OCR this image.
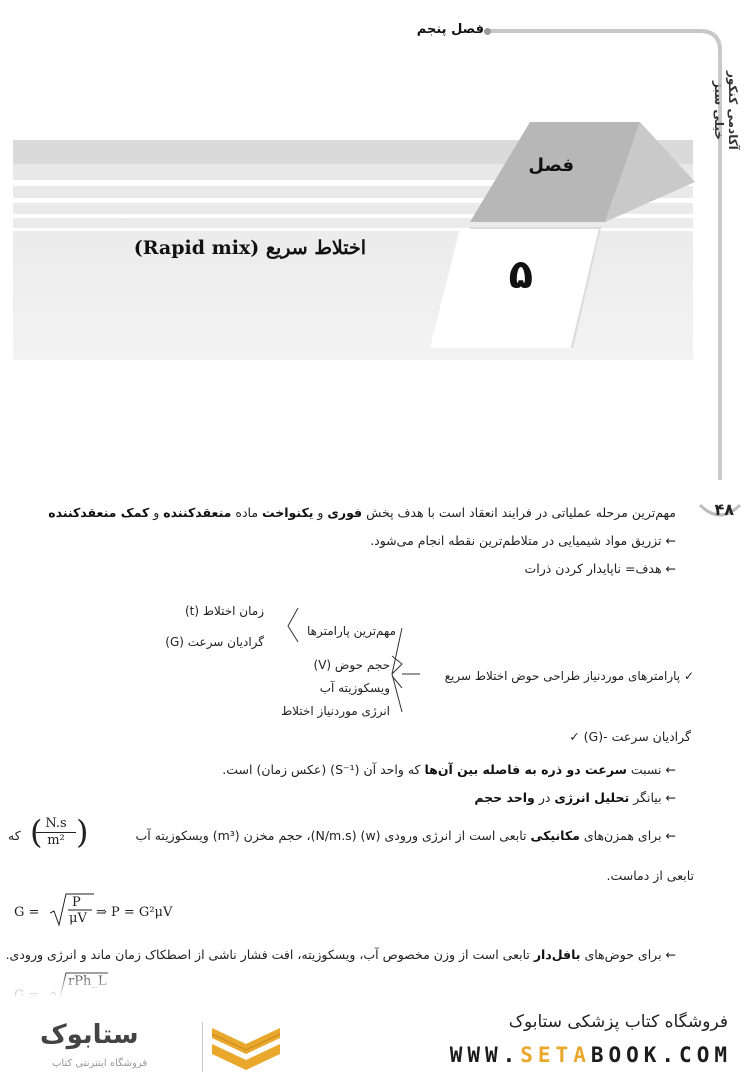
فصل پنجم
آکادمی کنکور خیلی سبز
۴۸
فصل
۵
اختلاط سریع (Rapid mix)
مهم‌ترین مرحله عملیاتی در فرایند انعقاد است با هدف پخش فوری و یکنواخت ماده منعقدکننده و کمک منعقدکننده
← تزریق مواد شیمیایی در متلاطم‌ترین نقطه انجام می‌شود.
← هدف= ناپایدار کردن ذرات
✓ پارامترهای موردنیاز طراحی حوض اختلاط سریع
مهم‌ترین پارامترها
زمان اختلاط (t)
گرادیان سرعت (G)
حجم حوض (V)
ویسکوزیته آب
انرژی موردنیاز اختلاط
✓ (G)- گرادیان سرعت
← نسبت سرعت دو ذره به فاصله بین آن‌ها که واحد آن (S⁻¹) (عکس زمان) است.
← بیانگر تحلیل انرژی در واحد حجم
← برای همزن‌های مکانیکی تابعی است از انرژی ورودی (w) (N/m.s)، حجم مخزن (m³) ویسکوزیته آب
N.s
m²
( )
که
تابعی از دماست.
G =
P
μV ⇒ P = G²μV
← برای حوض‌های بافل‌دار تابعی است از وزن مخصوص آب، ویسکوزیته، افت فشار ناشی از اصطکاک زمان ماند و انرژی ورودی.
rPh_L
ستابوک
فروشگاه اینترنتی کتاب
فروشگاه کتاب پزشکی ستابوک
WWW.SETABOOK.COM
